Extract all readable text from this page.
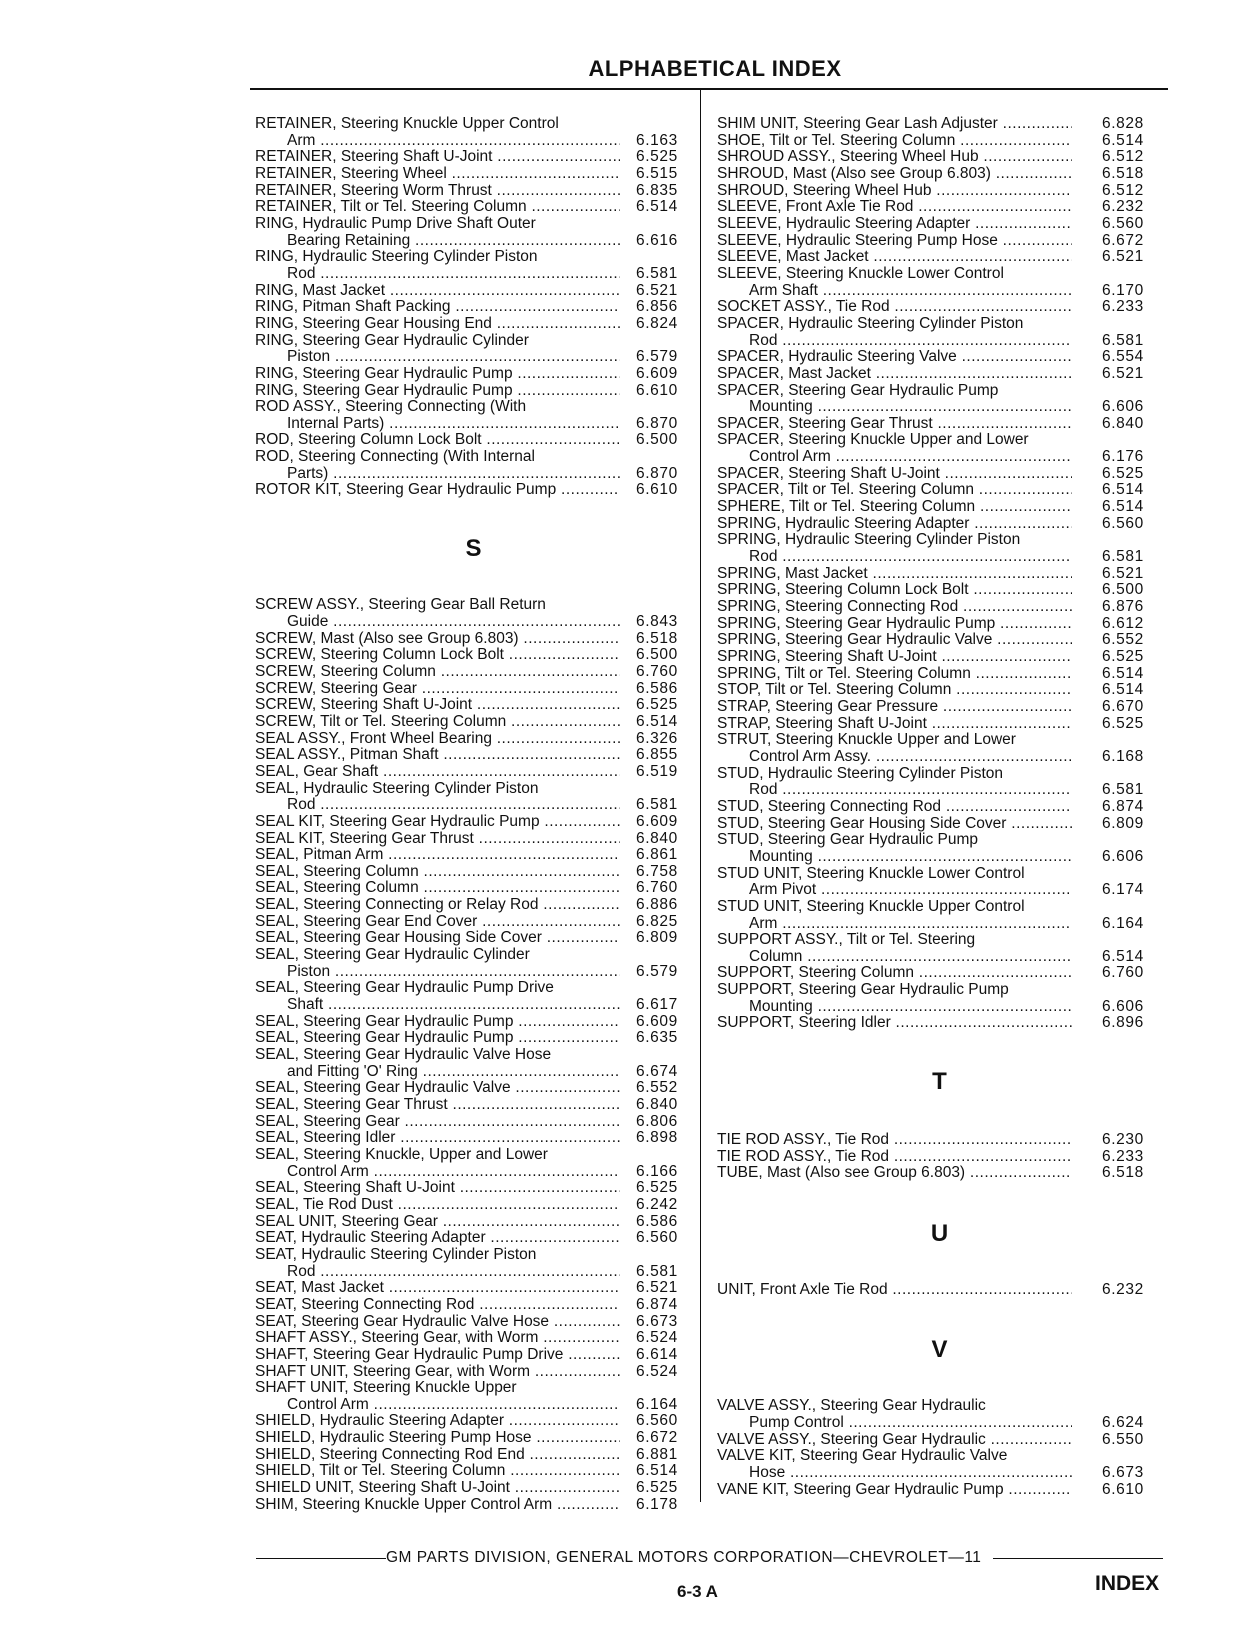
ALPHABETICAL INDEX
RETAINER, Steering Knuckle Upper Control
Arm .....	6.163
RETAINER, Steering Shaft U-Joint .....	6.525
RETAINER, Steering Wheel .....	6.515
RETAINER, Steering Worm Thrust .....	6.835
RETAINER, Tilt or Tel. Steering Column .....	6.514
RING, Hydraulic Pump Drive Shaft Outer
Bearing Retaining .....	6.616
RING, Hydraulic Steering Cylinder Piston
Rod .....	6.581
RING, Mast Jacket .....	6.521
RING, Pitman Shaft Packing .....	6.856
RING, Steering Gear Housing End .....	6.824
RING, Steering Gear Hydraulic Cylinder
Piston .....	6.579
RING, Steering Gear Hydraulic Pump .....	6.609
RING, Steering Gear Hydraulic Pump .....	6.610
ROD ASSY., Steering Connecting (With
Internal Parts) .....	6.870
ROD, Steering Column Lock Bolt .....	6.500
ROD, Steering Connecting (With Internal
Parts) .....	6.870
ROTOR KIT, Steering Gear Hydraulic Pump .....	6.610
S
SCREW ASSY., Steering Gear Ball Return
Guide .....	6.843
SCREW, Mast (Also see Group 6.803) .....	6.518
SCREW, Steering Column Lock Bolt .....	6.500
SCREW, Steering Column .....	6.760
SCREW, Steering Gear .....	6.586
SCREW, Steering Shaft U-Joint .....	6.525
SCREW, Tilt or Tel. Steering Column .....	6.514
SEAL ASSY., Front Wheel Bearing .....	6.326
SEAL ASSY., Pitman Shaft .....	6.855
SEAL, Gear Shaft .....	6.519
SEAL, Hydraulic Steering Cylinder Piston
Rod .....	6.581
SEAL KIT, Steering Gear Hydraulic Pump .....	6.609
SEAL KIT, Steering Gear Thrust .....	6.840
SEAL, Pitman Arm .....	6.861
SEAL, Steering Column .....	6.758
SEAL, Steering Column .....	6.760
SEAL, Steering Connecting or Relay Rod .....	6.886
SEAL, Steering Gear End Cover .....	6.825
SEAL, Steering Gear Housing Side Cover .....	6.809
SEAL, Steering Gear Hydraulic Cylinder
Piston .....	6.579
SEAL, Steering Gear Hydraulic Pump Drive
Shaft .....	6.617
SEAL, Steering Gear Hydraulic Pump .....	6.609
SEAL, Steering Gear Hydraulic Pump .....	6.635
SEAL, Steering Gear Hydraulic Valve Hose
and Fitting 'O' Ring .....	6.674
SEAL, Steering Gear Hydraulic Valve .....	6.552
SEAL, Steering Gear Thrust .....	6.840
SEAL, Steering Gear .....	6.806
SEAL, Steering Idler .....	6.898
SEAL, Steering Knuckle, Upper and Lower
Control Arm .....	6.166
SEAL, Steering Shaft U-Joint .....	6.525
SEAL, Tie Rod Dust .....	6.242
SEAL UNIT, Steering Gear .....	6.586
SEAT, Hydraulic Steering Adapter .....	6.560
SEAT, Hydraulic Steering Cylinder Piston
Rod .....	6.581
SEAT, Mast Jacket .....	6.521
SEAT, Steering Connecting Rod .....	6.874
SEAT, Steering Gear Hydraulic Valve Hose .....	6.673
SHAFT ASSY., Steering Gear, with Worm .....	6.524
SHAFT, Steering Gear Hydraulic Pump Drive .....	6.614
SHAFT UNIT, Steering Gear, with Worm .....	6.524
SHAFT UNIT, Steering Knuckle Upper
Control Arm .....	6.164
SHIELD, Hydraulic Steering Adapter .....	6.560
SHIELD, Hydraulic Steering Pump Hose .....	6.672
SHIELD, Steering Connecting Rod End .....	6.881
SHIELD, Tilt or Tel. Steering Column .....	6.514
SHIELD UNIT, Steering Shaft U-Joint .....	6.525
SHIM, Steering Knuckle Upper Control Arm .....	6.178
SHIM UNIT, Steering Gear Lash Adjuster .....	6.828
SHOE, Tilt or Tel. Steering Column .....	6.514
SHROUD ASSY., Steering Wheel Hub .....	6.512
SHROUD, Mast (Also see Group 6.803) .....	6.518
SHROUD, Steering Wheel Hub .....	6.512
SLEEVE, Front Axle Tie Rod .....	6.232
SLEEVE, Hydraulic Steering Adapter .....	6.560
SLEEVE, Hydraulic Steering Pump Hose .....	6.672
SLEEVE, Mast Jacket .....	6.521
SLEEVE, Steering Knuckle Lower Control
Arm Shaft .....	6.170
SOCKET ASSY., Tie Rod .....	6.233
SPACER, Hydraulic Steering Cylinder Piston
Rod .....	6.581
SPACER, Hydraulic Steering Valve .....	6.554
SPACER, Mast Jacket .....	6.521
SPACER, Steering Gear Hydraulic Pump
Mounting .....	6.606
SPACER, Steering Gear Thrust .....	6.840
SPACER, Steering Knuckle Upper and Lower
Control Arm .....	6.176
SPACER, Steering Shaft U-Joint .....	6.525
SPACER, Tilt or Tel. Steering Column .....	6.514
SPHERE, Tilt or Tel. Steering Column .....	6.514
SPRING, Hydraulic Steering Adapter .....	6.560
SPRING, Hydraulic Steering Cylinder Piston
Rod .....	6.581
SPRING, Mast Jacket .....	6.521
SPRING, Steering Column Lock Bolt .....	6.500
SPRING, Steering Connecting Rod .....	6.876
SPRING, Steering Gear Hydraulic Pump .....	6.612
SPRING, Steering Gear Hydraulic Valve .....	6.552
SPRING, Steering Shaft U-Joint .....	6.525
SPRING, Tilt or Tel. Steering Column .....	6.514
STOP, Tilt or Tel. Steering Column .....	6.514
STRAP, Steering Gear Pressure .....	6.670
STRAP, Steering Shaft U-Joint .....	6.525
STRUT, Steering Knuckle Upper and Lower
Control Arm Assy. .....	6.168
STUD, Hydraulic Steering Cylinder Piston
Rod .....	6.581
STUD, Steering Connecting Rod .....	6.874
STUD, Steering Gear Housing Side Cover .....	6.809
STUD, Steering Gear Hydraulic Pump
Mounting .....	6.606
STUD UNIT, Steering Knuckle Lower Control
Arm Pivot .....	6.174
STUD UNIT, Steering Knuckle Upper Control
Arm .....	6.164
SUPPORT ASSY., Tilt or Tel. Steering
Column .....	6.514
SUPPORT, Steering Column .....	6.760
SUPPORT, Steering Gear Hydraulic Pump
Mounting .....	6.606
SUPPORT, Steering Idler .....	6.896
T
TIE ROD ASSY., Tie Rod .....	6.230
TIE ROD ASSY., Tie Rod .....	6.233
TUBE, Mast (Also see Group 6.803) .....	6.518
U
UNIT, Front Axle Tie Rod .....	6.232
V
VALVE ASSY., Steering Gear Hydraulic
Pump Control .....	6.624
VALVE ASSY., Steering Gear Hydraulic .....	6.550
VALVE KIT, Steering Gear Hydraulic Valve
Hose .....	6.673
VANE KIT, Steering Gear Hydraulic Pump .....	6.610
GM PARTS DIVISION, GENERAL MOTORS CORPORATION—CHEVROLET—11
6-3 A	INDEX
